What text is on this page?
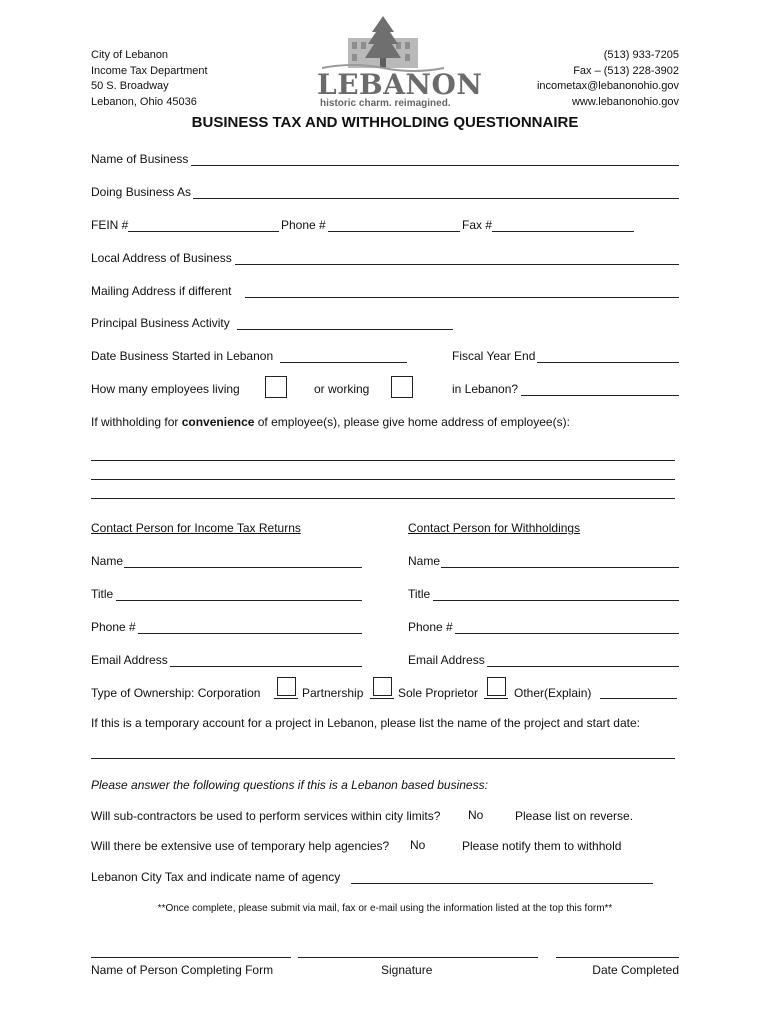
City of Lebanon
Income Tax Department
50 S. Broadway
Lebanon, Ohio 45036
LEBANON
historic charm. reimagined.
(513) 933-7205
Fax – (513) 228-3902
incometax@lebanonohio.gov
www.lebanonohio.gov
BUSINESS TAX AND WITHHOLDING QUESTIONNAIRE
Name of Business
Doing Business As
FEIN #	Phone #	Fax #
Local Address of Business
Mailing Address if different
Principal Business Activity
Date Business Started in Lebanon	Fiscal Year End
How many employees living	or working	in Lebanon?
If withholding for convenience of employee(s), please give home address of employee(s):
Contact Person for Income Tax Returns	Contact Person for Withholdings
Name	Name
Title	Title
Phone #	Phone #
Email Address	Email Address
Type of Ownership: Corporation	Partnership	Sole Proprietor	Other(Explain)
If this is a temporary account for a project in Lebanon, please list the name of the project and start date:
Please answer the following questions if this is a Lebanon based business:
Will sub-contractors be used to perform services within city limits? No	Please list on reverse.
Will there be extensive use of temporary help agencies? No	Please notify them to withhold
Lebanon City Tax and indicate name of agency
**Once complete, please submit via mail, fax or e-mail using the information listed at the top this form**
Name of Person Completing Form	Signature	Date Completed
